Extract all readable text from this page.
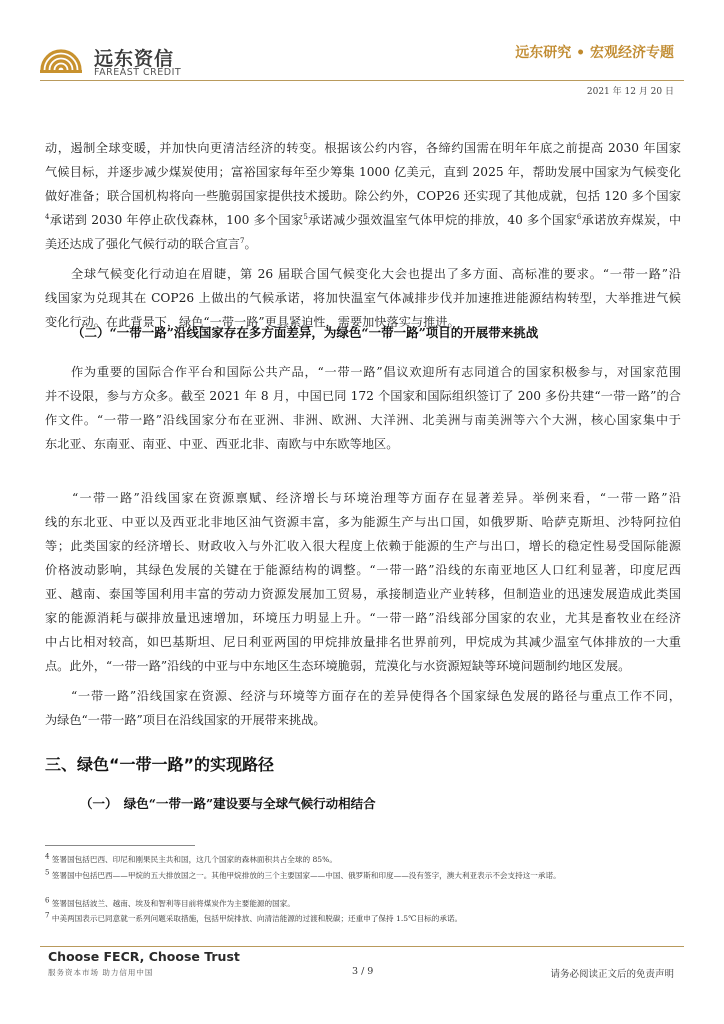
远东资信
FAREAST CREDIT
远东研究 • 宏观经济专题
2021 年 12 月 20 日
动，遏制全球变暖，并加快向更清洁经济的转变。根据该公约内容，各缔约国需在明年年底之前提高 2030 年国家
气候目标，并逐步减少煤炭使用；富裕国家每年至少筹集 1000 亿美元，直到 2025 年，帮助发展中国家为气候变化
做好准备；联合国机构将向一些脆弱国家提供技术援助。除公约外，COP26 还实现了其他成就，包括 120 多个国家
$^4$承诺到 2030 年停止砍伐森林，100 多个国家$^5$承诺减少强效温室气体甲烷的排放，40 多个国家$^6$承诺放弃煤炭，中
美还达成了强化气候行动的联合宣言$^7$。
　　全球气候变化行动迫在眉睫，第 26 届联合国气候变化大会也提出了多方面、高标准的要求。“一带一路”沿
线国家为兑现其在 COP26 上做出的气候承诺，将加快温室气体减排步伐并加速推进能源结构转型，大举推进气候
变化行动。在此背景下，绿色“一带一路”更具紧迫性，需要加快落实与推进。
（二）“一带一路”沿线国家存在多方面差异，为绿色“一带一路”项目的开展带来挑战
　　作为重要的国际合作平台和国际公共产品，“一带一路”倡议欢迎所有志同道合的国家积极参与，对国家范围
并不设限，参与方众多。截至 2021 年 8 月，中国已同 172 个国家和国际组织签订了 200 多份共建“一带一路”的合
作文件。“一带一路”沿线国家分布在亚洲、非洲、欧洲、大洋洲、北美洲与南美洲等六个大洲，核心国家集中于
东北亚、东南亚、南亚、中亚、西亚北非、南欧与中东欧等地区。
　　“一带一路”沿线国家在资源禀赋、经济增长与环境治理等方面存在显著差异。举例来看，“一带一路”沿
线的东北亚、中亚以及西亚北非地区油气资源丰富，多为能源生产与出口国，如俄罗斯、哈萨克斯坦、沙特阿拉伯
等；此类国家的经济增长、财政收入与外汇收入很大程度上依赖于能源的生产与出口，增长的稳定性易受国际能源
价格波动影响，其绿色发展的关键在于能源结构的调整。“一带一路”沿线的东南亚地区人口红利显著，印度尼西
亚、越南、泰国等国利用丰富的劳动力资源发展加工贸易，承接制造业产业转移，但制造业的迅速发展造成此类国
家的能源消耗与碳排放量迅速增加，环境压力明显上升。“一带一路”沿线部分国家的农业，尤其是畜牧业在经济
中占比相对较高，如巴基斯坦、尼日利亚两国的甲烷排放量排名世界前列，甲烷成为其减少温室气体排放的一大重
点。此外，“一带一路”沿线的中亚与中东地区生态环境脆弱，荒漠化与水资源短缺等环境问题制约地区发展。
　　“一带一路”沿线国家在资源、经济与环境等方面存在的差异使得各个国家绿色发展的路径与重点工作不同，
为绿色“一带一路”项目在沿线国家的开展带来挑战。
三、绿色“一带一路”的实现路径
（一）　绿色“一带一路”建设要与全球气候行动相结合
$^4$ 签署国包括巴西、印尼和刚果民主共和国，这几个国家的森林面积共占全球的 85%。
$^5$ 签署国中包括巴西——甲烷的五大排放国之一。其他甲烷排放的三个主要国家——中国、俄罗斯和印度——没有签字，澳大利亚表示不会支持这一承诺。
$^6$ 签署国包括波兰、越南、埃及和智利等目前将煤炭作为主要能源的国家。
$^7$ 中美两国表示已同意就一系列问题采取措施，包括甲烷排放、向清洁能源的过渡和脱碳；还重申了保持 1.5℃目标的承诺。
Choose FECR, Choose Trust
服务资本市场 助力信用中国	3 / 9	请务必阅读正文后的免责声明
